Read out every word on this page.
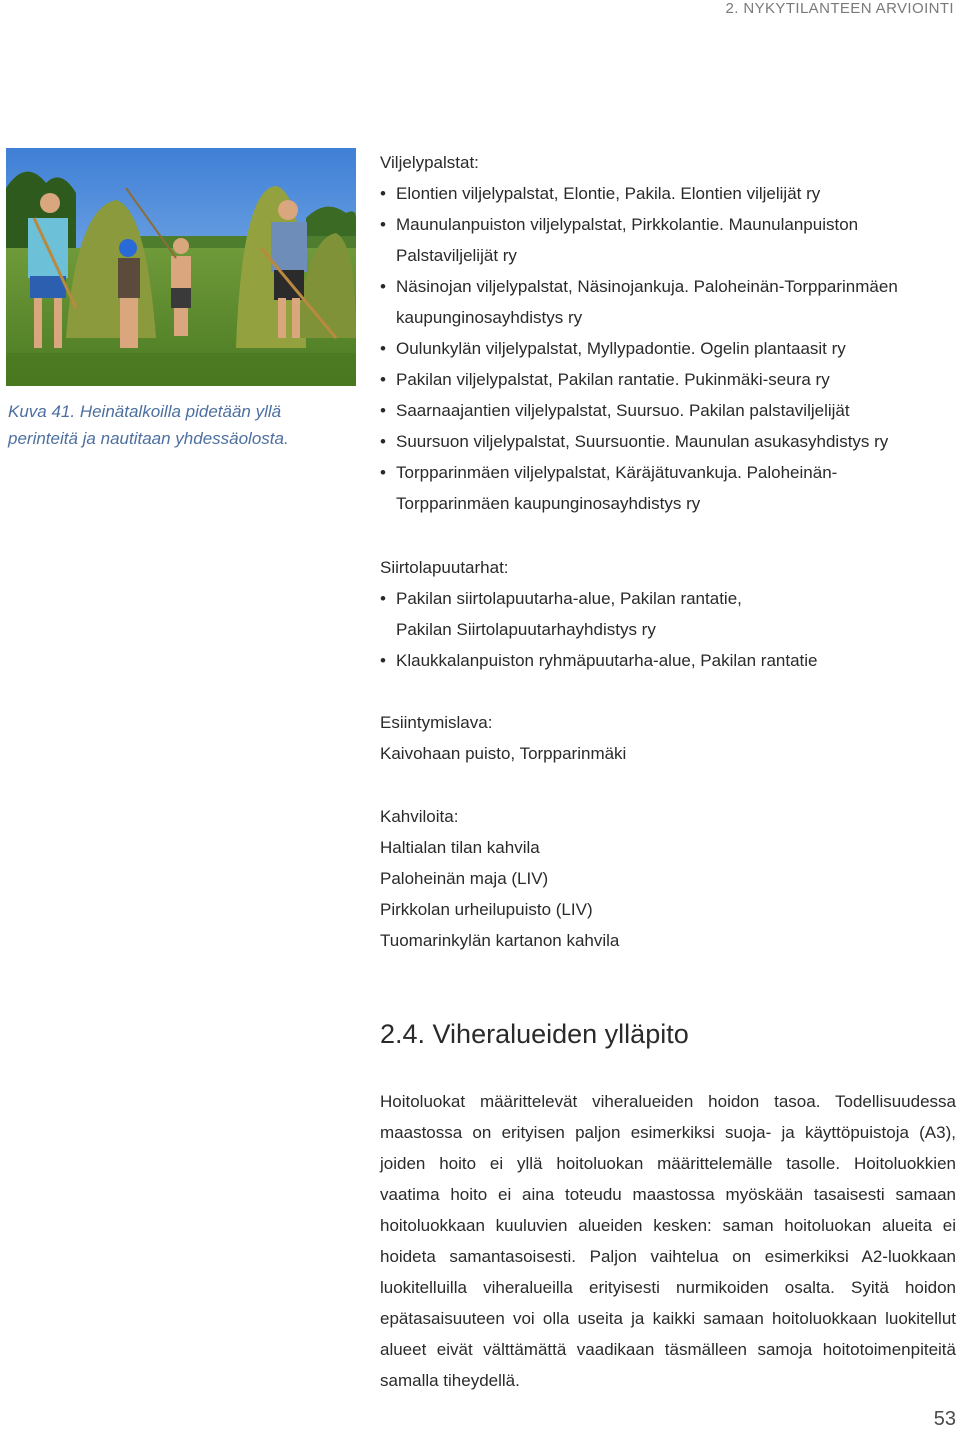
2. NYKYTILANTEEN ARVIOINTI
Kuva 41. Heinätalkoilla pidetään yllä
perinteitä ja nautitaan yhdessäolosta.
Viljelypalstat:
• Elontien viljelypalstat, Elontie, Pakila. Elontien viljelijät ry
• Maunulanpuiston viljelypalstat, Pirkkolantie. Maunulanpuiston
Palstaviljelijät ry
• Näsinojan viljelypalstat, Näsinojankuja. Paloheinän-Torpparinmäen
kaupunginosayhdistys ry
• Oulunkylän viljelypalstat, Myllypadontie. Ogelin plantaasit ry
• Pakilan viljelypalstat, Pakilan rantatie. Pukinmäki-seura ry
• Saarnaajantien viljelypalstat, Suursuo. Pakilan palstaviljelijät
• Suursuon viljelypalstat, Suursuontie. Maunulan asukasyhdistys ry
• Torpparinmäen viljelypalstat, Käräjätuvankuja. Paloheinän-
Torpparinmäen kaupunginosayhdistys ry
Siirtolapuutarhat:
• Pakilan siirtolapuutarha-alue, Pakilan rantatie,
Pakilan Siirtolapuutarhayhdistys ry
• Klaukkalanpuiston ryhmäpuutarha-alue, Pakilan rantatie
Esiintymislava:
Kaivohaan puisto, Torpparinmäki
Kahviloita:
Haltialan tilan kahvila
Paloheinän maja (LIV)
Pirkkolan urheilupuisto (LIV)
Tuomarinkylän kartanon kahvila
2.4. Viheralueiden ylläpito
Hoitoluokat määrittelevät viheralueiden hoidon tasoa. Todellisuudessa maastossa on erityisen paljon esimerkiksi suoja- ja käyttöpuistoja (A3), joiden hoito ei yllä hoitoluokan määrittelemälle tasolle. Hoitoluokkien vaatima hoito ei aina toteudu maastossa myöskään tasaisesti samaan hoitoluokkaan kuuluvien alueiden kesken: saman hoitoluokan alueita ei hoideta samantasoisesti. Paljon vaihtelua on esimerkiksi A2-luokkaan luokitelluilla viheralueilla erityisesti nurmikoiden osalta. Syitä hoidon epätasaisuuteen voi olla useita ja kaikki samaan hoitoluokkaan luokitellut alueet eivät välttämättä vaadikaan täsmälleen samoja hoitotoimenpiteitä samalla tiheydellä.
53
